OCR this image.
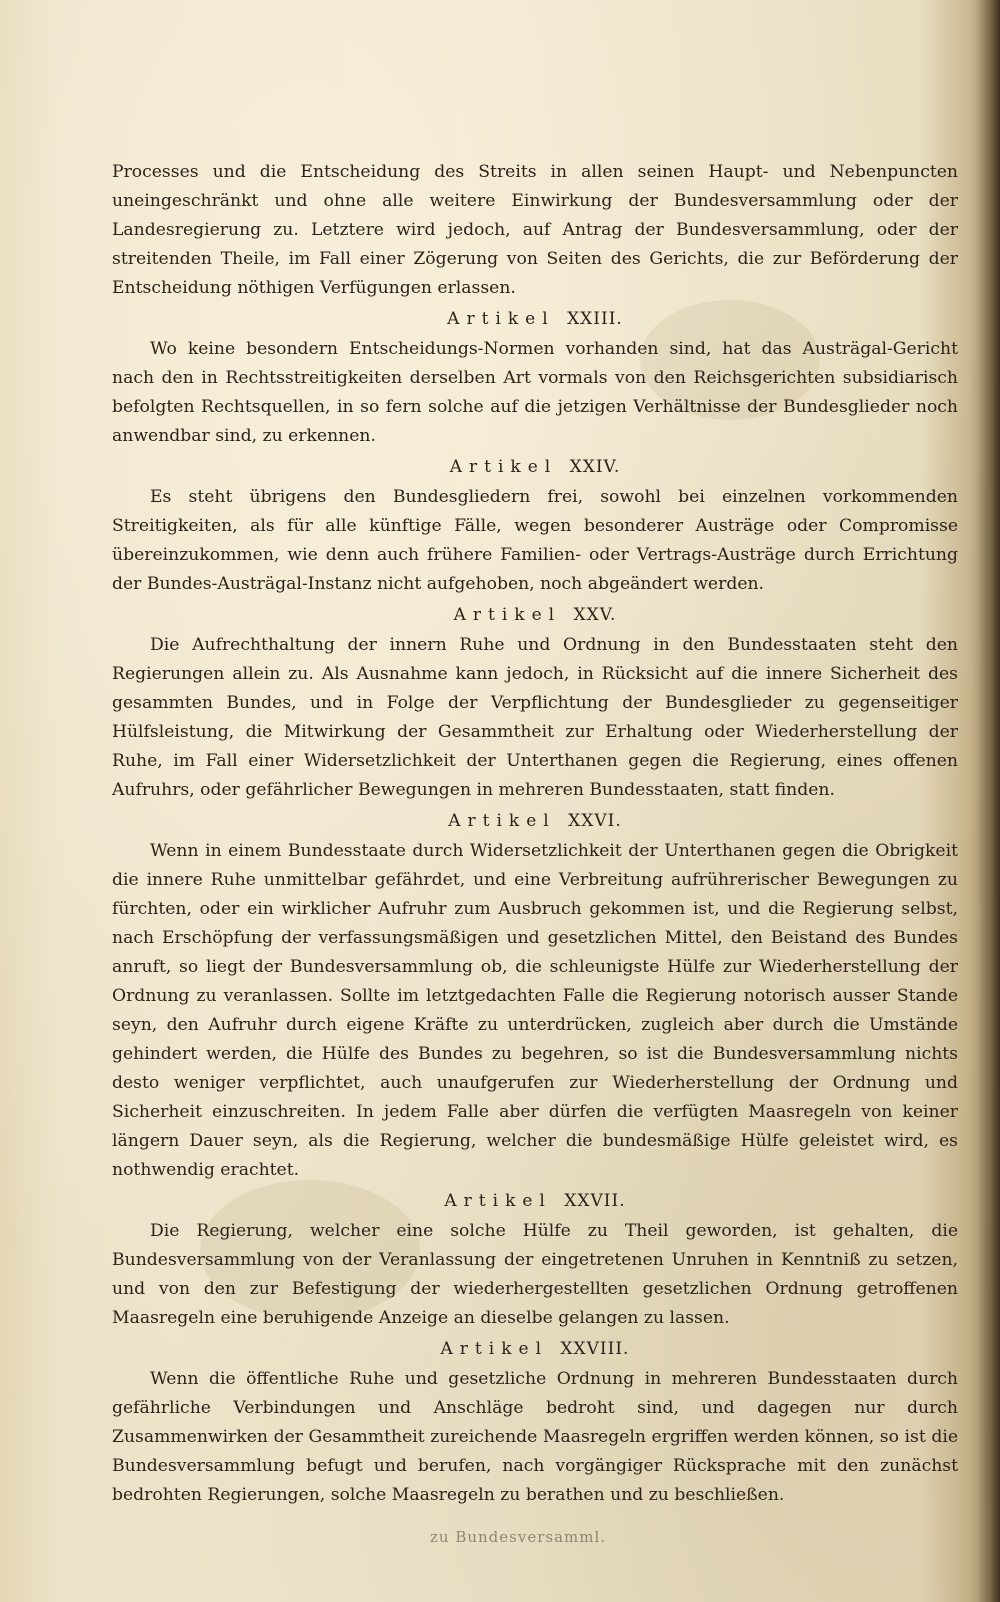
Processes und die Entscheidung des Streits in allen seinen Haupt- und Nebenpuncten uneingeschränkt und ohne alle weitere Einwirkung der Bundesversammlung oder der Landesregierung zu. Letztere wird jedoch, auf Antrag der Bundesversammlung, oder der streitenden Theile, im Fall einer Zögerung von Seiten des Gerichts, die zur Beförderung der Entscheidung nöthigen Verfügungen erlassen.

Artikel XXIII.

Wo keine besondern Entscheidungs-Normen vorhanden sind, hat das Austrägal-Gericht nach den in Rechtsstreitigkeiten derselben Art vormals von den Reichsgerichten subsidiarisch befolgten Rechtsquellen, in so fern solche auf die jetzigen Verhältnisse der Bundesglieder noch anwendbar sind, zu erkennen.

Artikel XXIV.

Es steht übrigens den Bundesgliedern frei, sowohl bei einzelnen vorkommenden Streitigkeiten, als für alle künftige Fälle, wegen besonderer Austräge oder Compromisse übereinzukommen, wie denn auch frühere Familien- oder Vertrags-Austräge durch Errichtung der Bundes-Austrägal-Instanz nicht aufgehoben, noch abgeändert werden.

Artikel XXV.

Die Aufrechthaltung der innern Ruhe und Ordnung in den Bundesstaaten steht den Regierungen allein zu. Als Ausnahme kann jedoch, in Rücksicht auf die innere Sicherheit des gesammten Bundes, und in Folge der Verpflichtung der Bundesglieder zu gegenseitiger Hülfsleistung, die Mitwirkung der Gesammtheit zur Erhaltung oder Wiederherstellung der Ruhe, im Fall einer Widersetzlichkeit der Unterthanen gegen die Regierung, eines offenen Aufruhrs, oder gefährlicher Bewegungen in mehreren Bundesstaaten, statt finden.

Artikel XXVI.

Wenn in einem Bundesstaate durch Widersetzlichkeit der Unterthanen gegen die Obrigkeit die innere Ruhe unmittelbar gefährdet, und eine Verbreitung aufrührerischer Bewegungen zu fürchten, oder ein wirklicher Aufruhr zum Ausbruch gekommen ist, und die Regierung selbst, nach Erschöpfung der verfassungsmäßigen und gesetzlichen Mittel, den Beistand des Bundes anruft, so liegt der Bundesversammlung ob, die schleunigste Hülfe zur Wiederherstellung der Ordnung zu veranlassen. Sollte im letztgedachten Falle die Regierung notorisch ausser Stande seyn, den Aufruhr durch eigene Kräfte zu unterdrücken, zugleich aber durch die Umstände gehindert werden, die Hülfe des Bundes zu begehren, so ist die Bundesversammlung nichts desto weniger verpflichtet, auch unaufgerufen zur Wiederherstellung der Ordnung und Sicherheit einzuschreiten. In jedem Falle aber dürfen die verfügten Maasregeln von keiner längern Dauer seyn, als die Regierung, welcher die bundesmäßige Hülfe geleistet wird, es nothwendig erachtet.

Artikel XXVII.

Die Regierung, welcher eine solche Hülfe zu Theil geworden, ist gehalten, die Bundesversammlung von der Veranlassung der eingetretenen Unruhen in Kenntniß zu setzen, und von den zur Befestigung der wiederhergestellten gesetzlichen Ordnung getroffenen Maasregeln eine beruhigende Anzeige an dieselbe gelangen zu lassen.

Artikel XXVIII.

Wenn die öffentliche Ruhe und gesetzliche Ordnung in mehreren Bundesstaaten durch gefährliche Verbindungen und Anschläge bedroht sind, und dagegen nur durch Zusammenwirken der Gesammtheit zureichende Maasregeln ergriffen werden können, so ist die Bundesversammlung befugt und berufen, nach vorgängiger Rücksprache mit den zunächst bedrohten Regierungen, solche Maasregeln zu berathen und zu beschließen.

zu Bundesversamml.
